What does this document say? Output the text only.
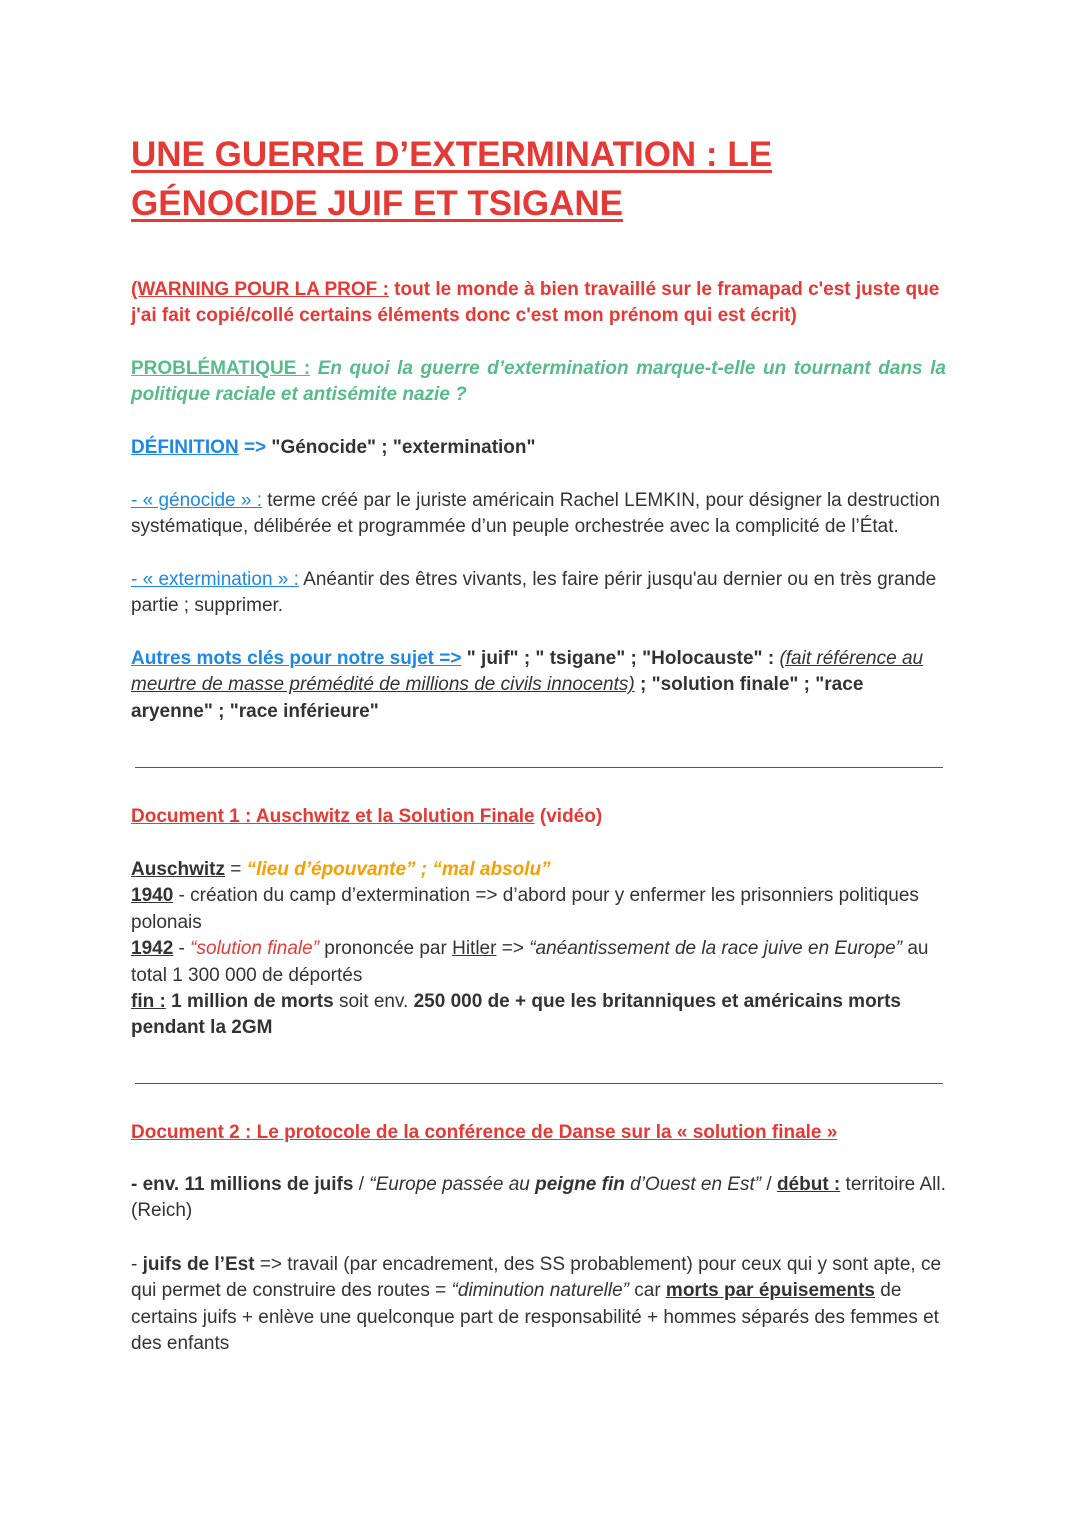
UNE GUERRE D’EXTERMINATION : LE
GÉNOCIDE JUIF ET TSIGANE
(WARNING POUR LA PROF : tout le monde à bien travaillé sur le framapad c'est juste que j'ai fait copié/collé certains éléments donc c'est mon prénom qui est écrit)
PROBLÉMATIQUE : En quoi la guerre d’extermination marque-t-elle un tournant dans la politique raciale et antisémite nazie ?
DÉFINITION => "Génocide" ; "extermination"
- « génocide » : terme créé par le juriste américain Rachel LEMKIN, pour désigner la destruction systématique, délibérée et programmée d’un peuple orchestrée avec la complicité de l’État.
- « extermination » : Anéantir des êtres vivants, les faire périr jusqu'au dernier ou en très grande partie ; supprimer.
Autres mots clés pour notre sujet => " juif" ; " tsigane" ; "Holocauste" : (fait référence au meurtre de masse prémédité de millions de civils innocents) ; "solution finale" ; "race aryenne" ; "race inférieure"
Document 1 : Auschwitz et la Solution Finale (vidéo)
Auschwitz = “lieu d’épouvante” ; “mal absolu”
1940 - création du camp d’extermination => d’abord pour y enfermer les prisonniers politiques polonais
1942 - “solution finale” prononcée par Hitler => “anéantissement de la race juive en Europe” au total 1 300 000 de déportés
fin : 1 million de morts soit env. 250 000 de + que les britanniques et américains morts pendant la 2GM
Document 2 : Le protocole de la conférence de Danse sur la « solution finale »
- env. 11 millions de juifs / “Europe passée au peigne fin d’Ouest en Est” / début : territoire All. (Reich)
- juifs de l’Est => travail (par encadrement, des SS probablement) pour ceux qui y sont apte, ce qui permet de construire des routes = “diminution naturelle” car morts par épuisements de certains juifs + enlève une quelconque part de responsabilité + hommes séparés des femmes et des enfants
